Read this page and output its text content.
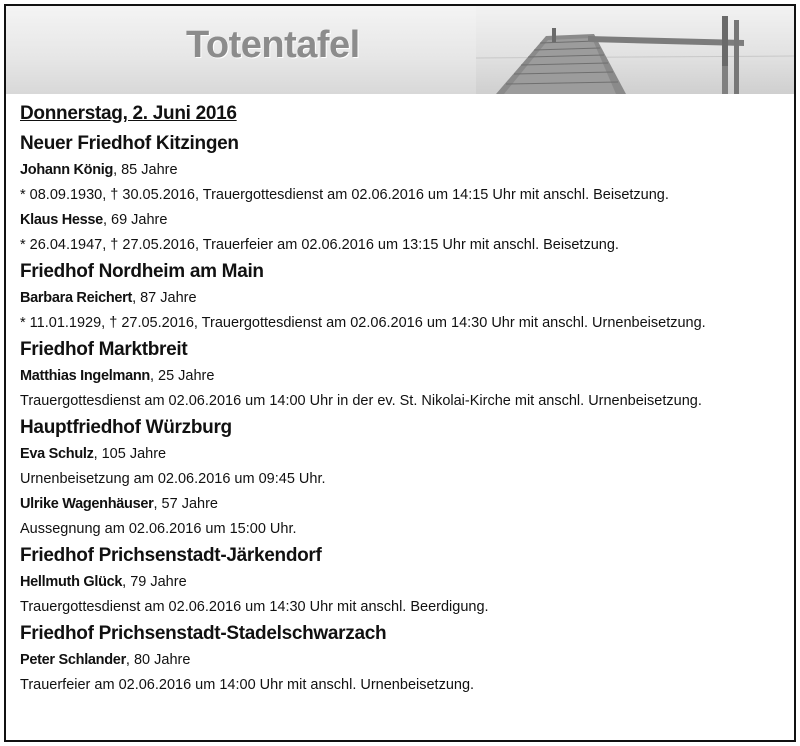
Totentafel
Donnerstag, 2. Juni 2016
Neuer Friedhof Kitzingen
Johann König, 85 Jahre
* 08.09.1930, † 30.05.2016, Trauergottesdienst am 02.06.2016 um 14:15 Uhr mit anschl. Beisetzung.
Klaus Hesse, 69 Jahre
* 26.04.1947, † 27.05.2016, Trauerfeier am 02.06.2016 um 13:15 Uhr mit anschl. Beisetzung.
Friedhof Nordheim am Main
Barbara Reichert, 87 Jahre
* 11.01.1929, † 27.05.2016, Trauergottesdienst am 02.06.2016 um 14:30 Uhr mit anschl. Urnenbeisetzung.
Friedhof Marktbreit
Matthias Ingelmann, 25 Jahre
Trauergottesdienst am 02.06.2016 um 14:00 Uhr in der ev. St. Nikolai-Kirche mit anschl. Urnenbeisetzung.
Hauptfriedhof Würzburg
Eva Schulz, 105 Jahre
Urnenbeisetzung am 02.06.2016 um 09:45 Uhr.
Ulrike Wagenhäuser, 57 Jahre
Aussegnung am 02.06.2016 um 15:00 Uhr.
Friedhof Prichsenstadt-Järkendorf
Hellmuth Glück, 79 Jahre
Trauergottesdienst am 02.06.2016 um 14:30 Uhr mit anschl. Beerdigung.
Friedhof Prichsenstadt-Stadelschwarzach
Peter Schlander, 80 Jahre
Trauerfeier am 02.06.2016 um 14:00 Uhr mit anschl. Urnenbeisetzung.
